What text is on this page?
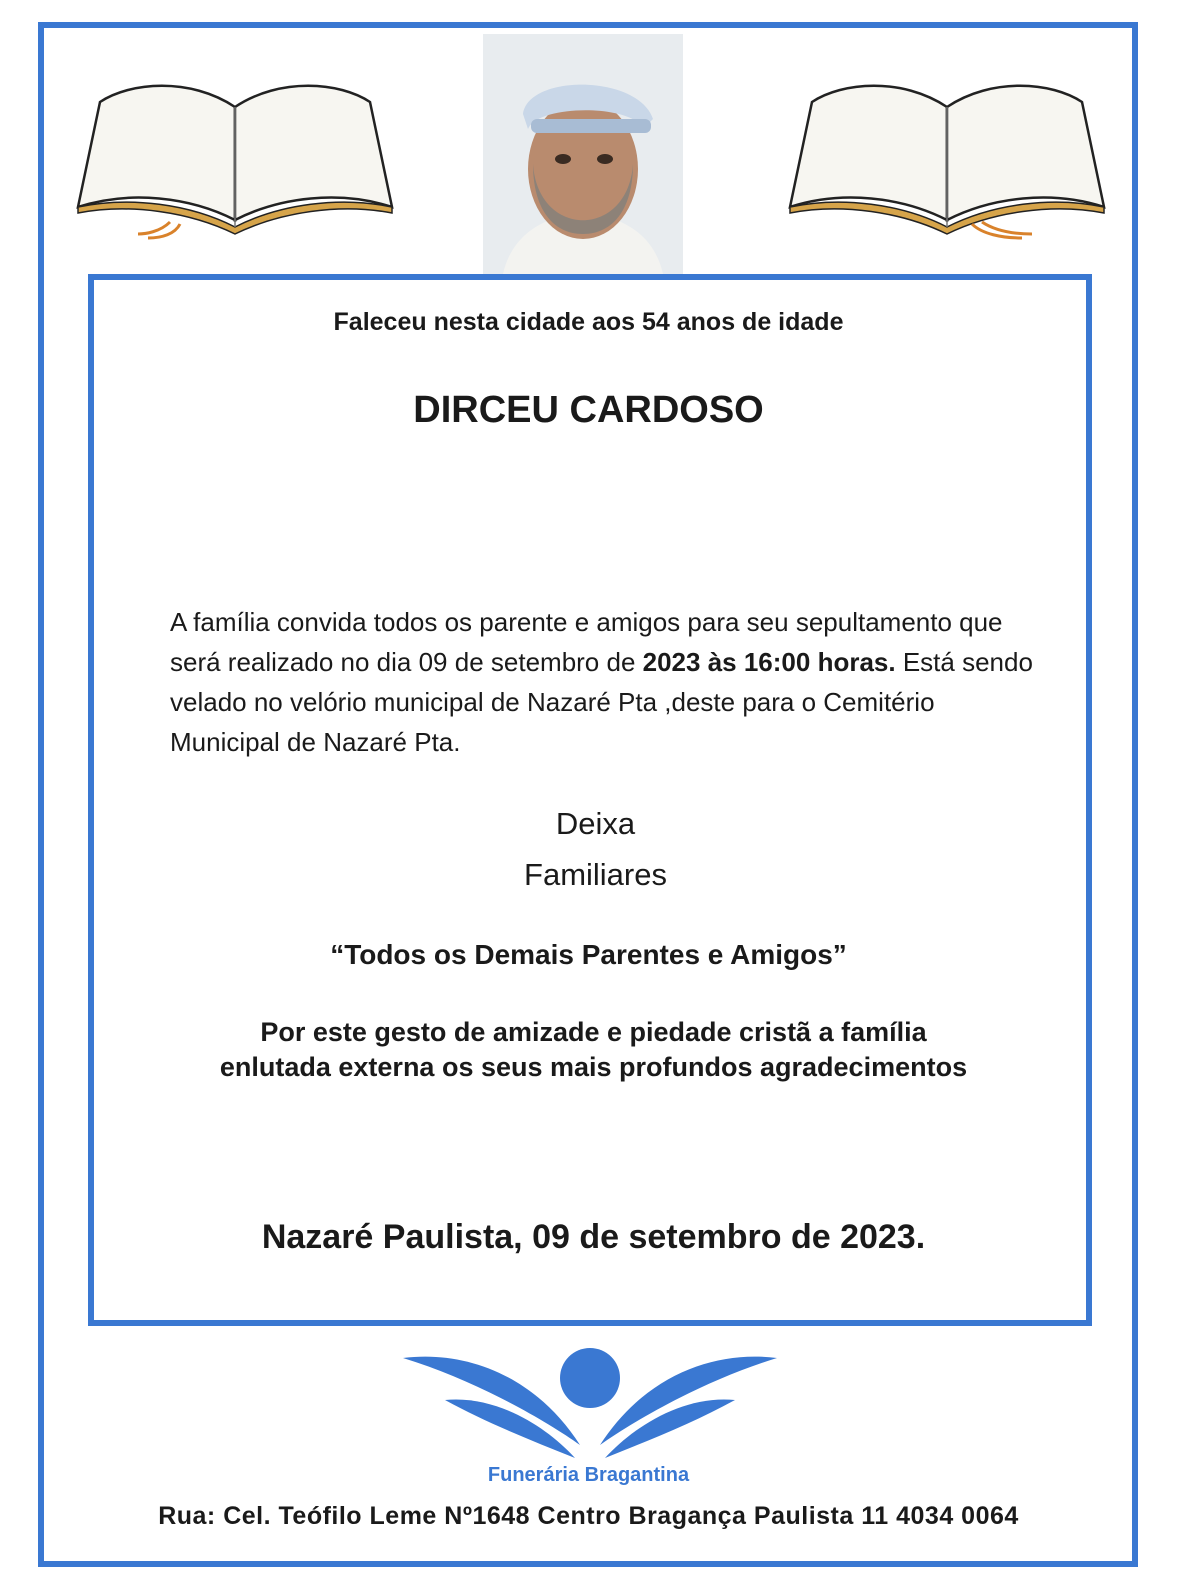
Faleceu nesta cidade aos 54 anos de idade
DIRCEU CARDOSO
A família convida todos os parente e amigos para seu sepultamento que será realizado no dia 09 de setembro de 2023 às 16:00 horas. Está sendo velado no velório municipal de Nazaré Pta ,deste para o Cemitério Municipal de Nazaré Pta.
Deixa
Familiares
“Todos os Demais Parentes e Amigos”
Por este gesto de amizade e piedade cristã a família
enlutada externa os seus mais profundos agradecimentos
Nazaré Paulista, 09 de setembro de 2023.
Funerária Bragantina
Rua: Cel. Teófilo Leme Nº1648 Centro Bragança Paulista 11 4034 0064
